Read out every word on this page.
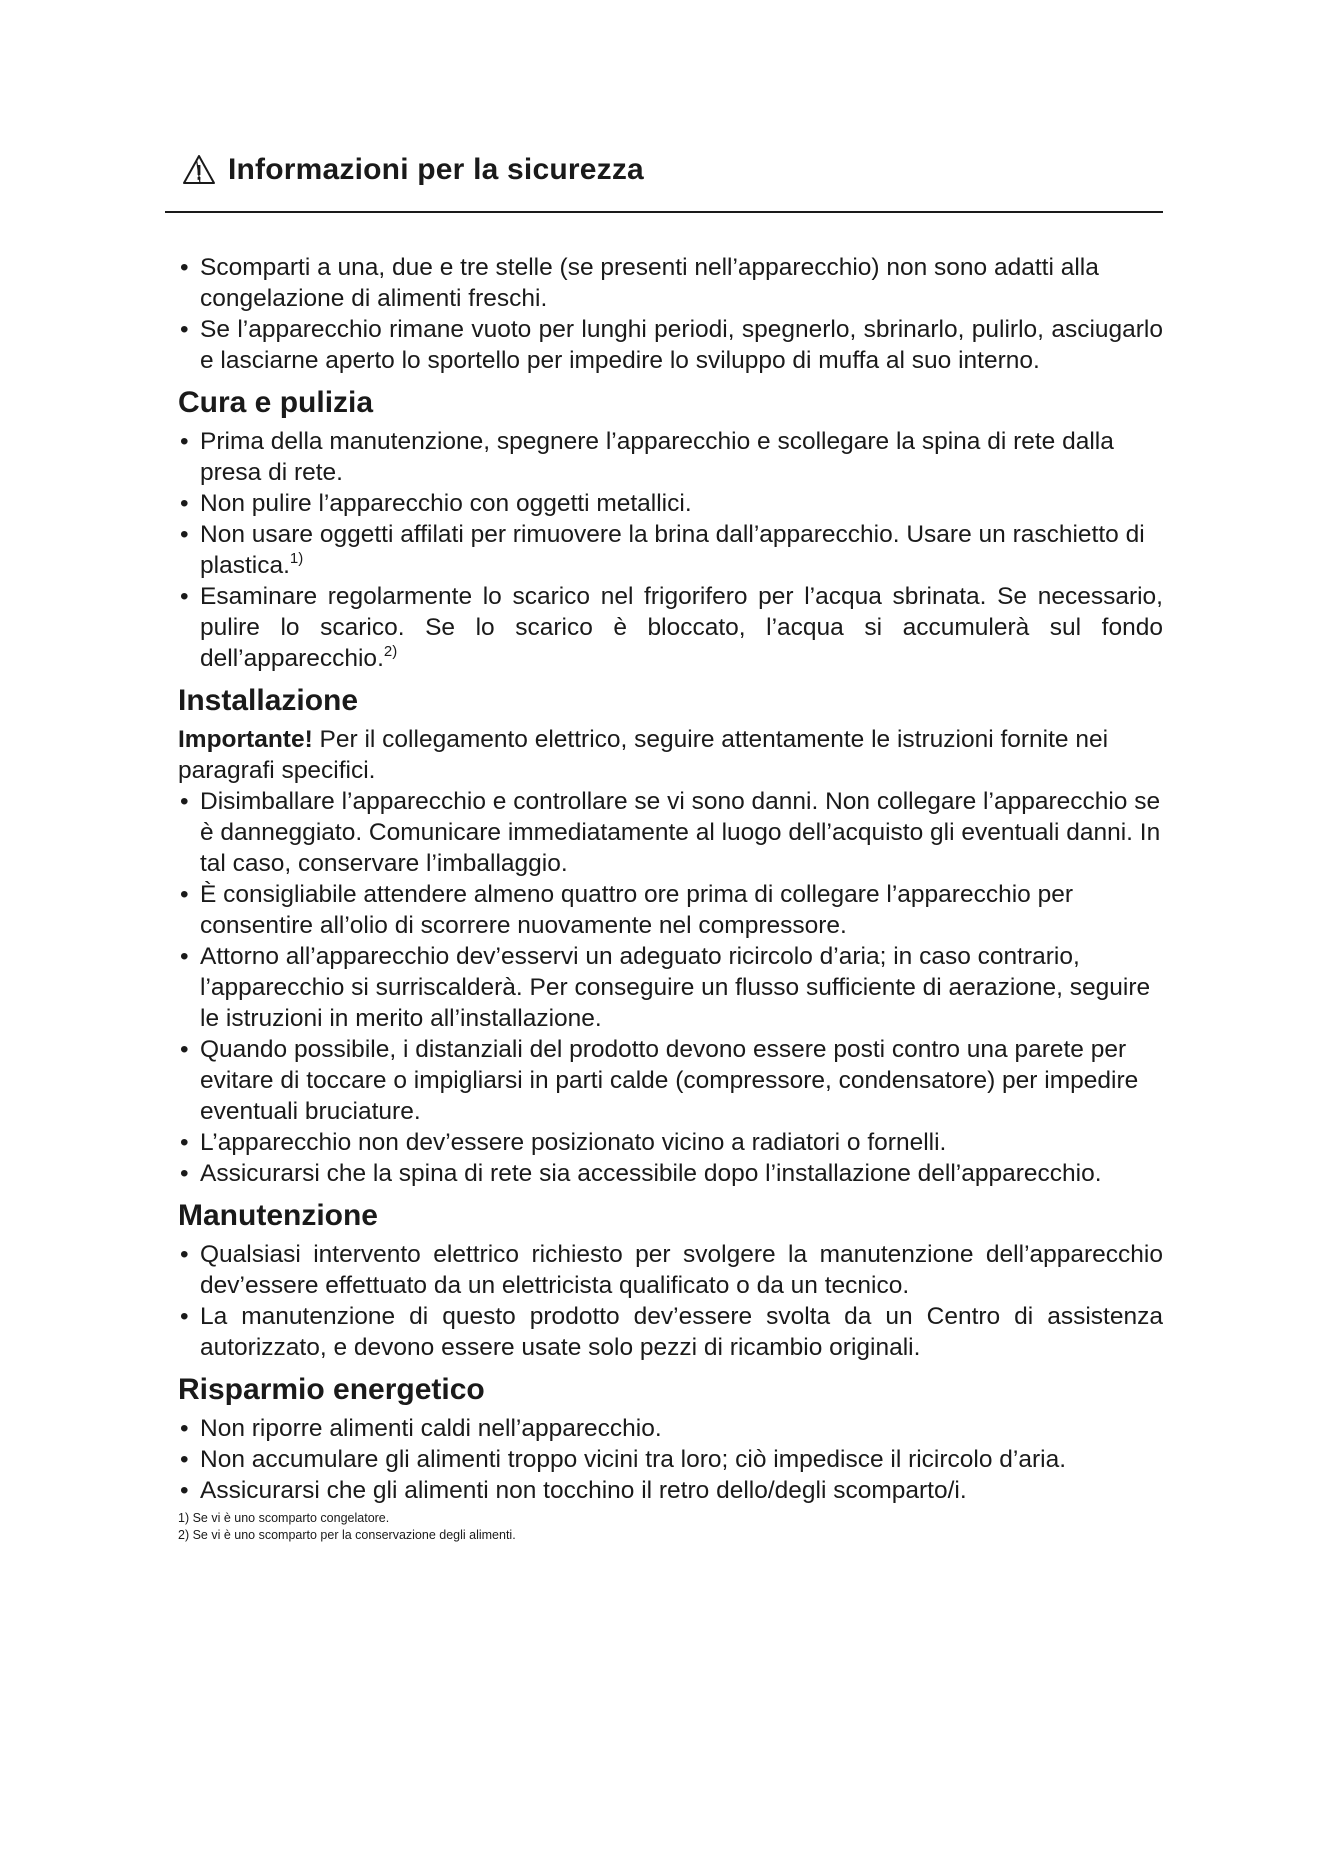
Informazioni per la sicurezza
• Scomparti a una, due e tre stelle (se presenti nell’apparecchio) non sono adatti alla congelazione di alimenti freschi.
• Se l’apparecchio rimane vuoto per lunghi periodi, spegnerlo, sbrinarlo, pulirlo, asciugarlo e lasciarne aperto lo sportello per impedire lo sviluppo di muffa al suo interno.
Cura e pulizia
• Prima della manutenzione, spegnere l’apparecchio e scollegare la spina di rete dalla presa di rete.
• Non pulire l’apparecchio con oggetti metallici.
• Non usare oggetti affilati per rimuovere la brina dall’apparecchio. Usare un raschietto di plastica.$^{1)}$
• Esaminare regolarmente lo scarico nel frigorifero per l’acqua sbrinata. Se necessario, pulire lo scarico. Se lo scarico è bloccato, l’acqua si accumulerà sul fondo dell’apparecchio.$^{2)}$
Installazione

Importante! Per il collegamento elettrico, seguire attentamente le istruzioni fornite nei paragrafi specifici.

• Disimballare l’apparecchio e controllare se vi sono danni. Non collegare l’apparecchio se è danneggiato. Comunicare immediatamente al luogo dell’acquisto gli eventuali danni. In tal caso, conservare l’imballaggio.
• È consigliabile attendere almeno quattro ore prima di collegare l’apparecchio per consentire all’olio di scorrere nuovamente nel compressore.
• Attorno all’apparecchio dev’esservi un adeguato ricircolo d’aria; in caso contrario, l’apparecchio si surriscalderà. Per conseguire un flusso sufficiente di aerazione, seguire le istruzioni in merito all’installazione.
• Quando possibile, i distanziali del prodotto devono essere posti contro una parete per evitare di toccare o impigliarsi in parti calde (compressore, condensatore) per impedire eventuali bruciature.
• L’apparecchio non dev’essere posizionato vicino a radiatori o fornelli.
• Assicurarsi che la spina di rete sia accessibile dopo l’installazione dell’apparecchio.
Manutenzione
• Qualsiasi intervento elettrico richiesto per svolgere la manutenzione dell’apparecchio dev’essere effettuato da un elettricista qualificato o da un tecnico.
• La manutenzione di questo prodotto dev’essere svolta da un Centro di assistenza autorizzato, e devono essere usate solo pezzi di ricambio originali.
Risparmio energetico
• Non riporre alimenti caldi nell’apparecchio.
• Non accumulare gli alimenti troppo vicini tra loro; ciò impedisce il ricircolo d’aria.
• Assicurarsi che gli alimenti non tocchino il retro dello/degli scomparto/i.
1) Se vi è uno scomparto congelatore.
2) Se vi è uno scomparto per la conservazione degli alimenti.
